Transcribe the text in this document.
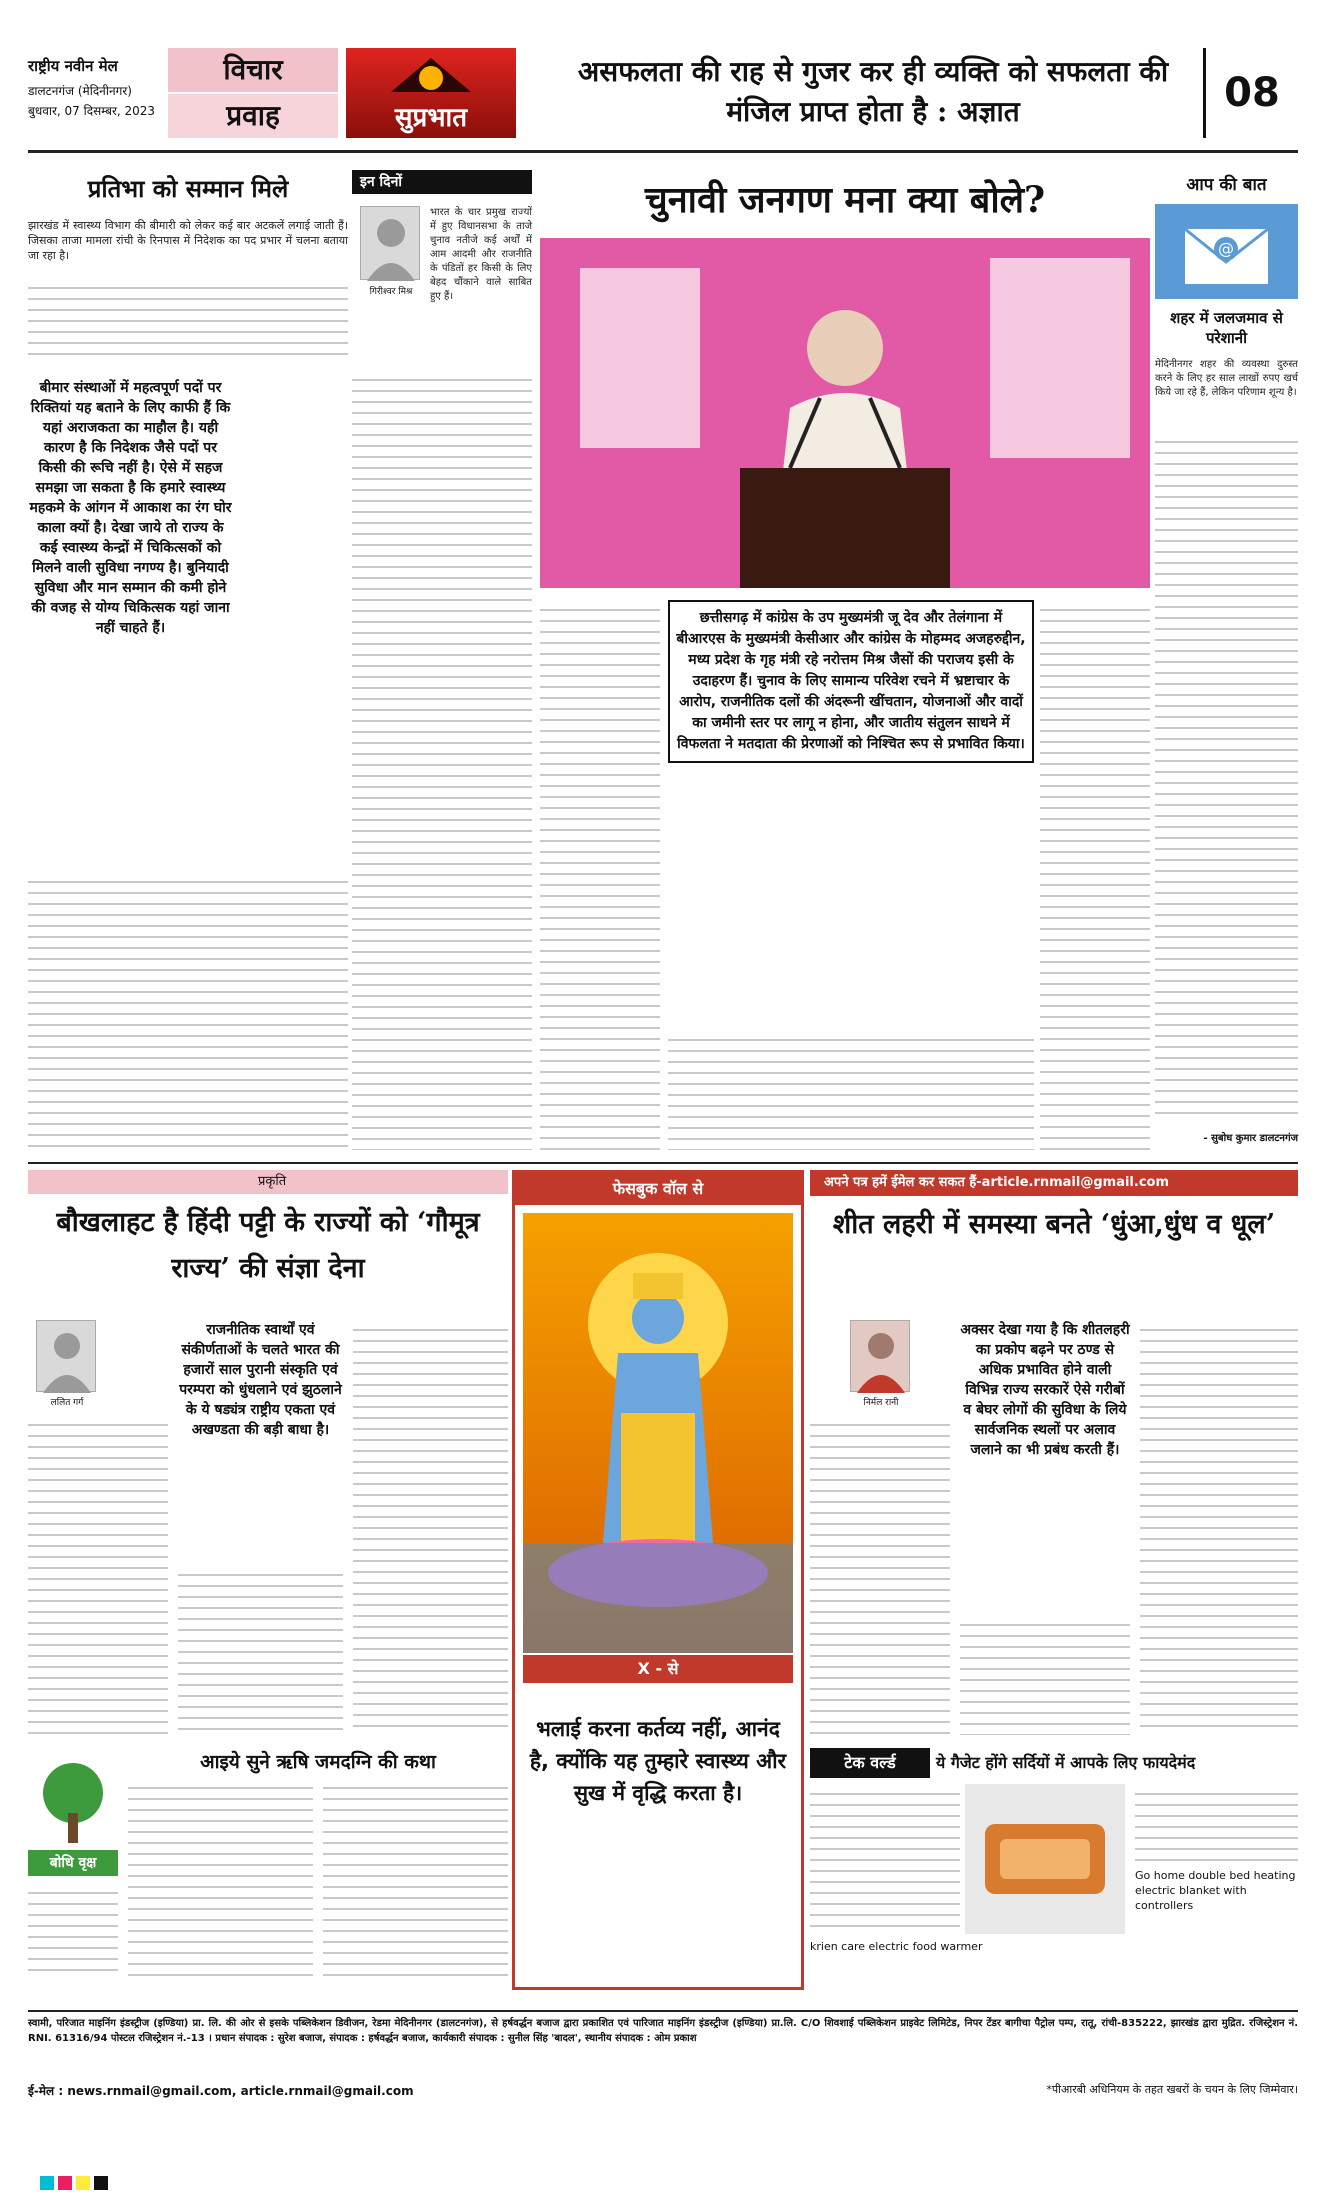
राष्ट्रीय नवीन मेल
डालटनगंज (मेदिनीनगर)
बुधवार, 07 दिसम्बर, 2023
विचार
प्रवाह	सुप्रभात
असफलता की राह से गुजर कर ही व्यक्ति को सफलता की मंजिल प्राप्त होता है : अज्ञात	08
प्रतिभा को सम्मान मिले
झारखंड में स्वास्थ्य विभाग की बीमारी को लेकर कई बार अटकलें लगाई जाती हैं। जिसका ताजा मामला रांची के रिनपास में निदेशक का पद प्रभार में चलना बताया जा रहा है।
बीमार संस्थाओं में महत्वपूर्ण पदों पर रिक्तियां यह बताने के लिए काफी हैं कि यहां अराजकता का माहौल है। यही कारण है कि निदेशक जैसे पदों पर किसी की रूचि नहीं है। ऐसे में सहज समझा जा सकता है कि हमारे स्वास्थ्य महकमे के आंगन में आकाश का रंग घोर काला क्यों है। देखा जाये तो राज्य के कई स्वास्थ्य केन्द्रों में चिकित्सकों को मिलने वाली सुविधा नगण्य है। बुनियादी सुविधा और मान सम्मान की कमी होने की वजह से योग्य चिकित्सक यहां जाना नहीं चाहते हैं।
इन दिनों
गिरीश्वर मिश्र
भारत के चार प्रमुख राज्यों में हुए विधानसभा के ताजे चुनाव नतीजे कई अर्थों में आम आदमी और राजनीति के पंडितों हर किसी के लिए बेहद चौंकाने वाले साबित हुए हैं।
चुनावी जनगण मना क्या बोले?
छत्तीसगढ़ में कांग्रेस के उप मुख्यमंत्री जू देव और तेलंगाना में बीआरएस के मुख्यमंत्री केसीआर और कांग्रेस के मोहम्मद अजहरुद्दीन, मध्य प्रदेश के गृह मंत्री रहे नरोत्तम मिश्र जैसों की पराजय इसी के उदाहरण हैं। चुनाव के लिए सामान्य परिवेश रचने में भ्रष्टाचार के आरोप, राजनीतिक दलों की अंदरूनी खींचतान, योजनाओं और वादों का जमीनी स्तर पर लागू न होना, और जातीय संतुलन साधने में विफलता ने मतदाता की प्रेरणाओं को निश्चित रूप से प्रभावित किया।
आप की बात
@
शहर में जलजमाव से परेशानी
मेदिनीनगर शहर की व्यवस्था दुरुस्त करने के लिए हर साल लाखों रुपए खर्च किये जा रहे हैं, लेकिन परिणाम शून्य है।
- सुबोध कुमार डालटनगंज
प्रकृति
बौखलाहट है हिंदी पट्टी के राज्यों को ‘गौमूत्र राज्य’ की संज्ञा देना
ललित गर्ग
राजनीतिक स्वार्थों एवं संकीर्णताओं के चलते भारत की हजारों साल पुरानी संस्कृति एवं परम्परा को धुंधलाने एवं झुठलाने के ये षड्यंत्र राष्ट्रीय एकता एवं अखण्डता की बड़ी बाधा है।
फेसबुक वॉल से
X - से
भलाई करना कर्तव्य नहीं, आनंद है, क्योंकि यह तुम्हारे स्वास्थ्य और सुख में वृद्धि करता है।
अपने पत्र हमें ईमेल कर सकत हैं-article.rnmail@gmail.com
शीत लहरी में समस्या बनते ‘धुंआ,धुंध व धूल’
निर्मल रानी
अक्सर देखा गया है कि शीतलहरी का प्रकोप बढ़ने पर ठण्ड से अधिक प्रभावित होने वाली विभिन्न राज्य सरकारें ऐसे गरीबों व बेघर लोगों की सुविधा के लिये सार्वजनिक स्थलों पर अलाव जलाने का भी प्रबंध करती हैं।
आइये सुने ऋषि जमदग्नि की कथा
बोधि वृक्ष
टेक वर्ल्ड	ये गैजेट होंगे सर्दियों में आपके लिए फायदेमंद
krien care electric food warmer
Go home double bed heating electric blanket with controllers
स्वामी, परिजात माइनिंग इंडस्ट्रीज (इण्डिया) प्रा. लि. की ओर से इसके पब्लिकेशन डिवीजन, रेडमा मेदिनीनगर (डालटनगंज), से हर्षवर्द्धन बजाज द्वारा प्रकाशित एवं पारिजात माइनिंग इंडस्ट्रीज (इण्डिया) प्रा.लि. C/O शिवशाई पब्लिकेशन प्राइवेट लिमिटेड, निपर टेंडर बागीचा पैट्रोल पम्प, रातू, रांची-835222, झारखंड द्वारा मुद्रित. रजिस्ट्रेशन नं. RNI. 61316/94 पोस्टल रजिस्ट्रेशन नं.-13 । प्रधान संपादक : सुरेश बजाज, संपादक : हर्षवर्द्धन बजाज, कार्यकारी संपादक : सुनील सिंह 'बादल', स्थानीय संपादक : ओम प्रकाश
ई-मेल : news.rnmail@gmail.com, article.rnmail@gmail.com	*पीआरबी अधिनियम के तहत खबरों के चयन के लिए जिम्मेवार।
